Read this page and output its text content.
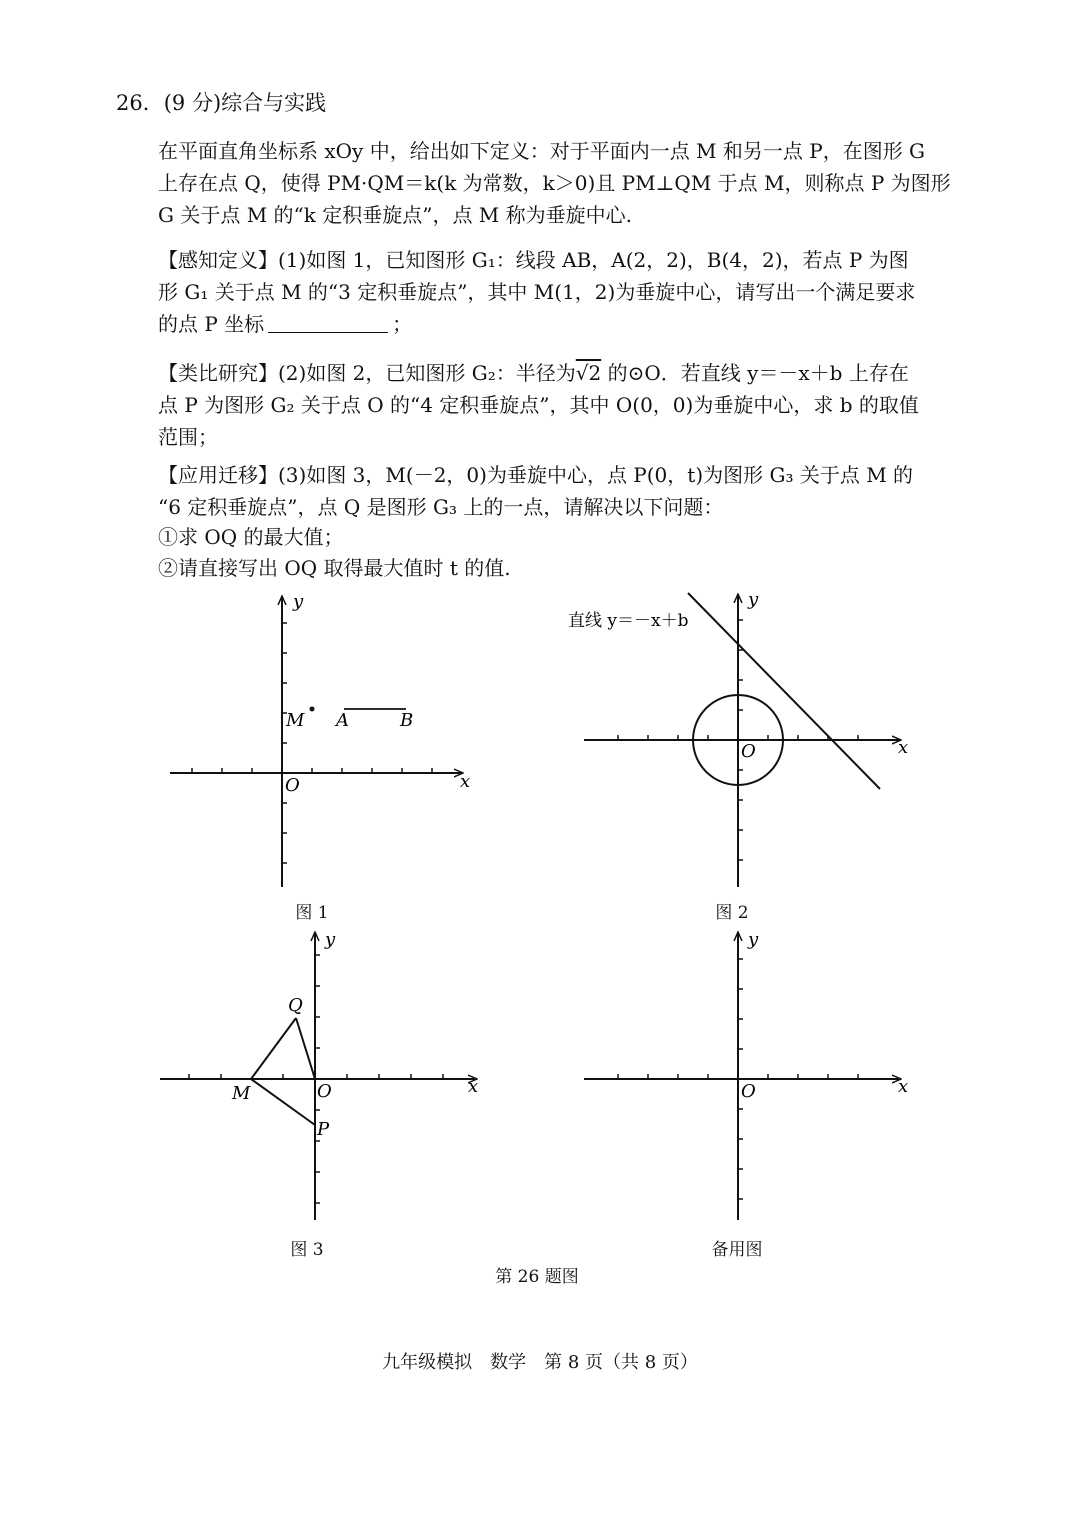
26．(9 分)综合与实践
在平面直角坐标系 xOy 中，给出如下定义：对于平面内一点 M 和另一点 P，在图形 G
上存在点 Q，使得 PM·QM＝k(k 为常数，k＞0)且 PM⊥QM 于点 M，则称点 P 为图形
G 关于点 M 的“k 定积垂旋点”，点 M 称为垂旋中心.
【感知定义】(1)如图 1，已知图形 G₁：线段 AB，A(2，2)，B(4，2)，若点 P 为图
形 G₁ 关于点 M 的“3 定积垂旋点”，其中 M(1，2)为垂旋中心，请写出一个满足要求
的点 P 坐标	；
【类比研究】(2)如图 2，已知图形 G₂：半径为√2 的⊙O．若直线 y＝－x＋b 上存在
点 P 为图形 G₂ 关于点 O 的“4 定积垂旋点”，其中 O(0，0)为垂旋中心，求 b 的取值
范围；
【应用迁移】(3)如图 3，M(－2，0)为垂旋中心，点 P(0，t)为图形 G₃ 关于点 M 的
“6 定积垂旋点”，点 Q 是图形 G₃ 上的一点，请解决以下问题：
①求 OQ 的最大值；
②请直接写出 OQ 取得最大值时 t 的值.
y
x
O
M A	B
图 1
直线 y＝－x＋b
y
x
O
图 2
y
x
O
Q
M
P
图 3
y
x
O
备用图
第 26 题图
九年级模拟　数学　第 8 页（共 8 页）
